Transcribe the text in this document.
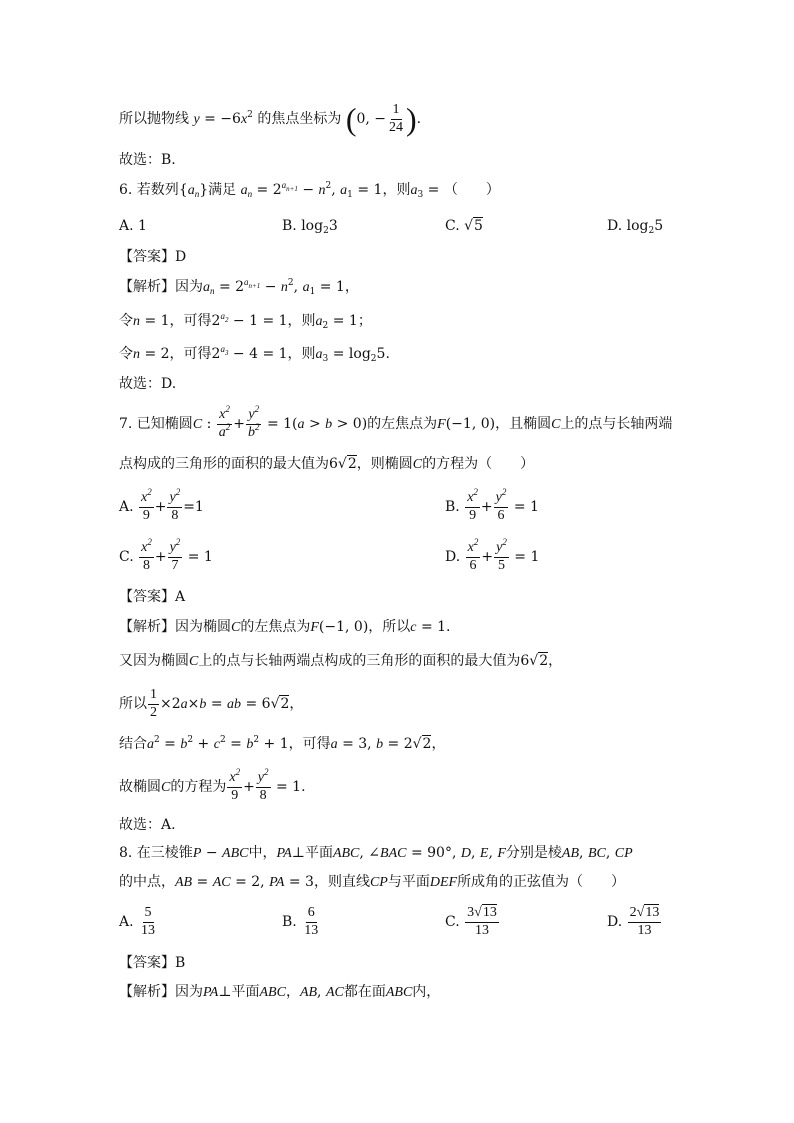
所以抛物线 $y = -6x^2$ 的焦点坐标为 (0, − $\frac{1}{24}$ ).
故选：B.
6. 若数列$\{a_n\}$满足 $a_n = 2^{a_{n+1}} - n^2$, $a_1 = 1$，则$a_3$ = （　　）
A. 1	B. $\log_23$	C. √5	D. $\log_25$
【答案】D
【解析】因为$a_n = 2^{a_{n+1}} - n^2$, $a_1 = 1$，
令n = 1，可得$2^{a_2} - 1 = 1$，则$a_2 = 1$；
令n = 2，可得$2^{a_3} - 4 = 1$，则$a_3 = \log_25$.
故选：D.
7. 已知椭圆C : $\frac{x^2}{a^2} + \frac{y^2}{b^2} = 1(a > b > 0)$的左焦点为F(−1, 0)，且椭圆C上的点与长轴两端
点构成的三角形的面积的最大值为6√2，则椭圆C的方程为（　　）
A. $\frac{x^2}{9} + \frac{y^2}{8} =1$	B. $\frac{x^2}{9} + \frac{y^2}{6} = 1$
C. $\frac{x^2}{8} + \frac{y^2}{7} = 1$	D. $\frac{x^2}{6} + \frac{y^2}{5} = 1$
【答案】A
【解析】因为椭圆C的左焦点为F(−1, 0)，所以c = 1.
又因为椭圆C上的点与长轴两端点构成的三角形的面积的最大值为6√2，
所以 $\frac{1}{2} \times 2a\times b$ = ab = 6√2，
结合$a^2 = b^2 + c^2 = b^2 + 1$，可得a = 3, b = 2√2，
故椭圆C的方程为 $\frac{x^2}{9} + \frac{y^2}{8} = 1$.
故选：A.
8. 在三棱锥P − ABC中，PA⊥平面ABC, ∠BAC = 90°, D, E, F分别是棱AB, BC, CP
的中点，AB = AC = 2, PA = 3，则直线CP与平面DEF所成角的正弦值为（　　）
A. $\frac{5}{13}$	B. $\frac{6}{13}$	C. $\frac{3√13}{13}$	D. $\frac{2√13}{13}$
【答案】B
【解析】因为PA⊥平面ABC，AB, AC都在面ABC内，
